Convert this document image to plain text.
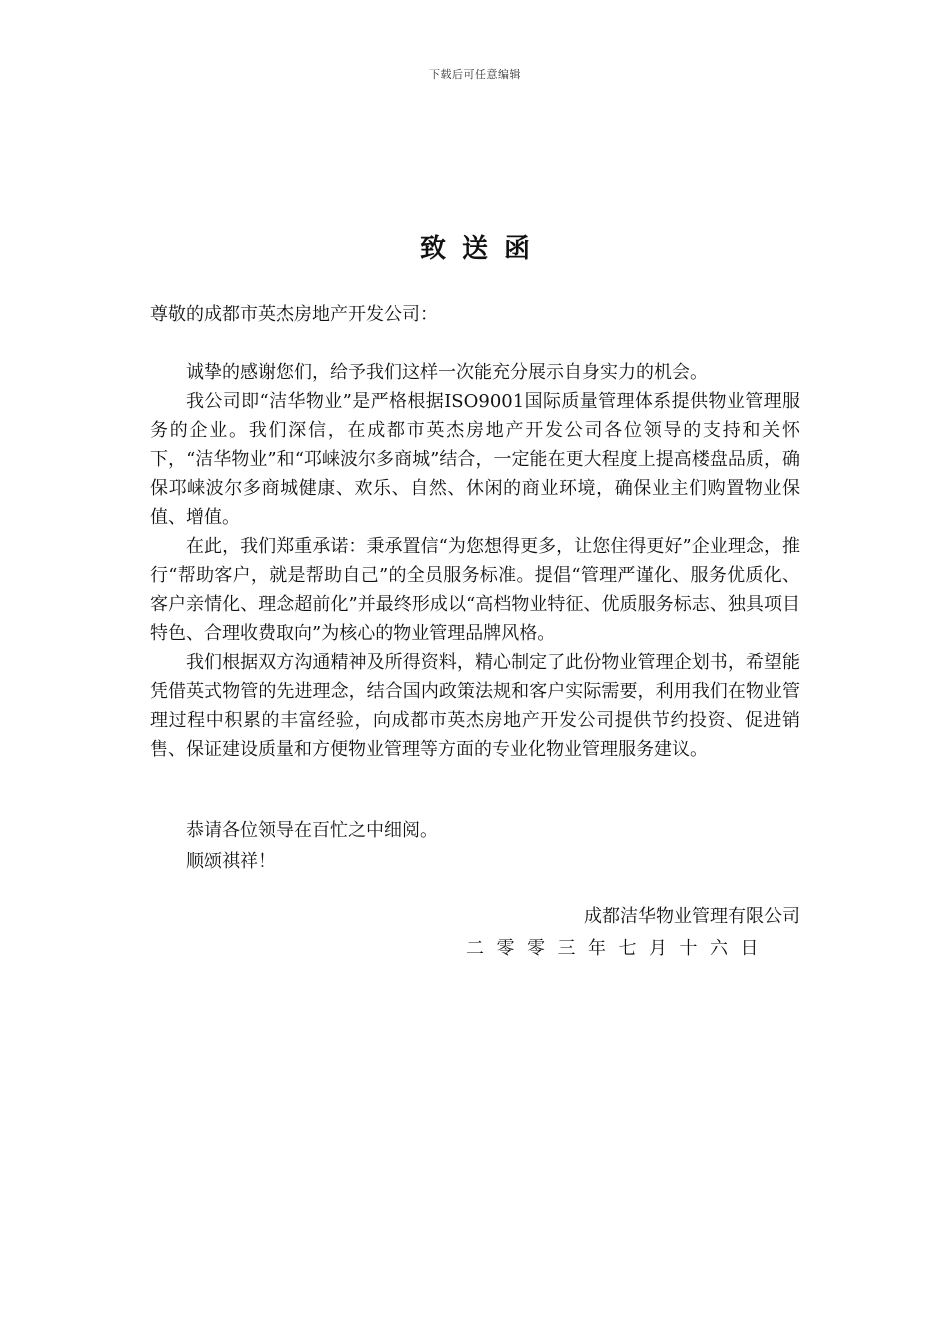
下载后可任意编辑
致送函
尊敬的成都市英杰房地产开发公司：

诚挚的感谢您们，给予我们这样一次能充分展示自身实力的机会。

我公司即“洁华物业”是严格根据ISO9001国际质量管理体系提供物业管理服务的企业。我们深信，在成都市英杰房地产开发公司各位领导的支持和关怀下，“洁华物业”和“邛崃波尔多商城”结合，一定能在更大程度上提高楼盘品质，确保邛崃波尔多商城健康、欢乐、自然、休闲的商业环境，确保业主们购置物业保值、增值。

在此，我们郑重承诺：秉承置信“为您想得更多，让您住得更好”企业理念，推行“帮助客户，就是帮助自己”的全员服务标准。提倡“管理严谨化、服务优质化、客户亲情化、理念超前化”并最终形成以“高档物业特征、优质服务标志、独具项目特色、合理收费取向”为核心的物业管理品牌风格。

我们根据双方沟通精神及所得资料，精心制定了此份物业管理企划书，希望能凭借英式物管的先进理念，结合国内政策法规和客户实际需要，利用我们在物业管理过程中积累的丰富经验，向成都市英杰房地产开发公司提供节约投资、促进销售、保证建设质量和方便物业管理等方面的专业化物业管理服务建议。

恭请各位领导在百忙之中细阅。

顺颂祺祥！

成都洁华物业管理有限公司
二零零三年七月十六日
